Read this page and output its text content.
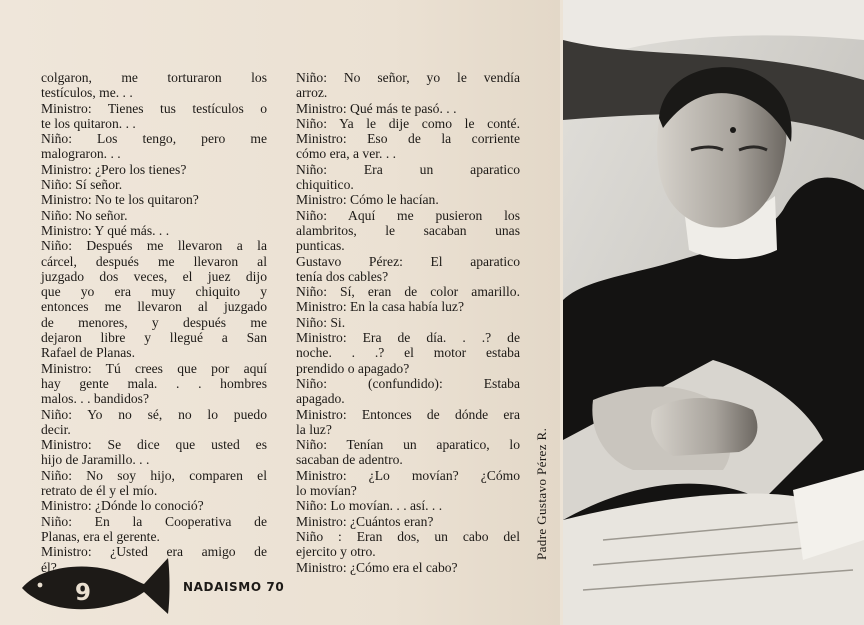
colgaron, me torturaron los
testículos, me. . .
Ministro: Tienes tus testículos o
te los quitaron. . .
Niño: Los tengo, pero me
malograron. . .
Ministro: ¿Pero los tienes?
Niño: Sí señor.
Ministro: No te los quitaron?
Niño: No señor.
Ministro: Y qué más. . .
Niño: Después me llevaron a la
cárcel, después me llevaron al
juzgado dos veces, el juez dijo
que yo era muy chiquito y
entonces me llevaron al juzgado
de menores, y después me
dejaron libre y llegué a San
Rafael de Planas.
Ministro: Tú crees que por aquí
hay gente mala. . . hombres
malos. . . bandidos?
Niño: Yo no sé, no lo puedo
decir.
Ministro: Se dice que usted es
hijo de Jaramillo. . .
Niño: No soy hijo, comparen el
retrato de él y el mío.
Ministro: ¿Dónde lo conoció?
Niño: En la Cooperativa de
Planas, era el gerente.
Ministro: ¿Usted era amigo de
él?
Niño: No señor, yo le vendía
arroz.
Ministro: Qué más te pasó. . .
Niño: Ya le dije como le conté.
Ministro: Eso de la corriente
cómo era, a ver. . .
Niño: Era un aparatico
chiquitico.
Ministro: Cómo le hacían.
Niño: Aquí me pusieron los
alambritos, le sacaban unas
punticas.
Gustavo Pérez: El aparatico
tenía dos cables?
Niño: Sí, eran de color amarillo.
Ministro: En la casa había luz?
Niño: Si.
Ministro: Era de día. . .? de
noche. . .? el motor estaba
prendido o apagado?
Niño: (confundido): Estaba
apagado.
Ministro: Entonces de dónde era
la luz?
Niño: Tenían un aparatico, lo
sacaban de adentro.
Ministro: ¿Lo movían? ¿Cómo
lo movían?
Niño: Lo movían. . . así. . .
Ministro: ¿Cuántos eran?
Niño : Eran dos, un cabo del
ejercito y otro.
Ministro: ¿Cómo era el cabo?
9	NADAISMO 70
Padre Gustavo Pérez R.
